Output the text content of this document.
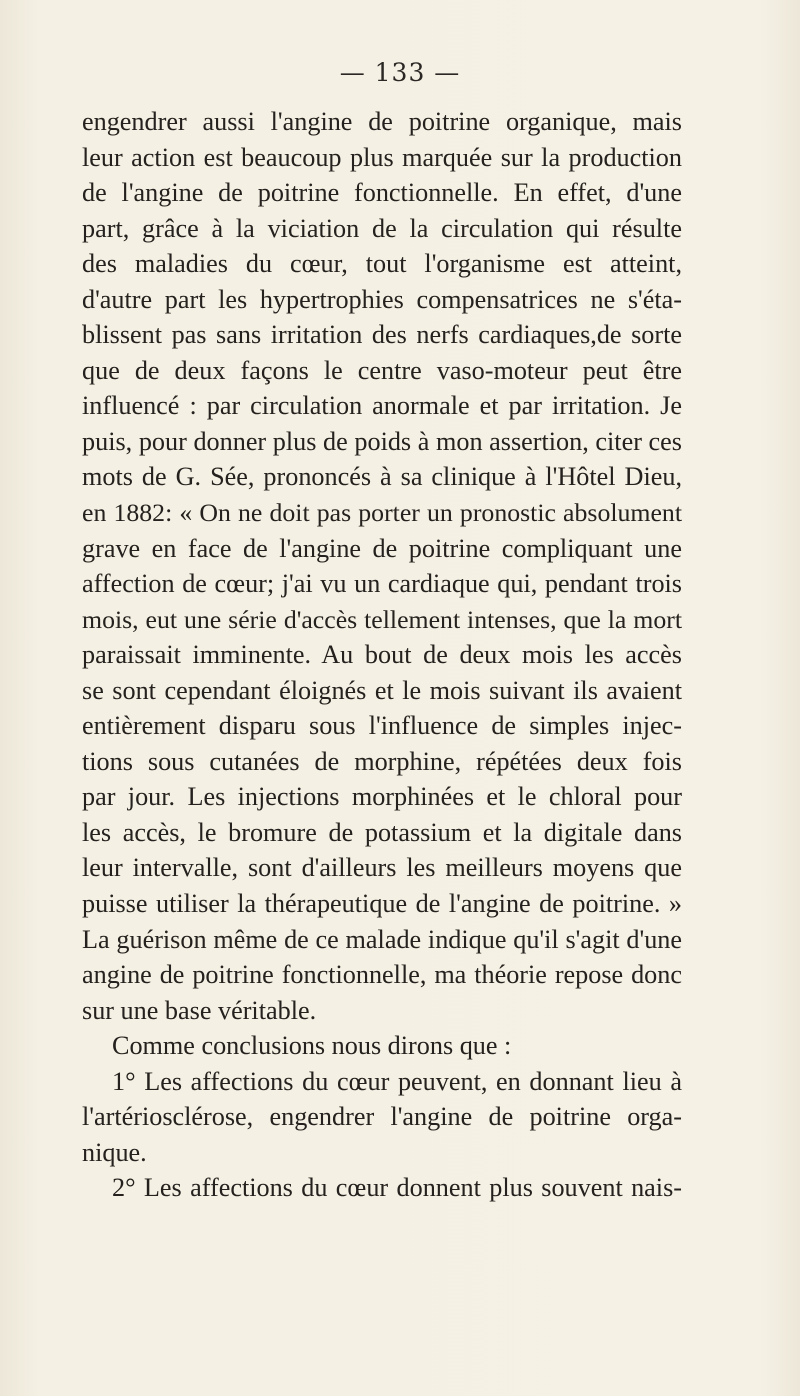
— 133 —
engendrer aussi l'angine de poitrine organique, mais
leur action est beaucoup plus marquée sur la production
de l'angine de poitrine fonctionnelle. En effet, d'une
part, grâce à la viciation de la circulation qui résulte
des maladies du cœur, tout l'organisme est atteint,
d'autre part les hypertrophies compensatrices ne s'éta-
blissent pas sans irritation des nerfs cardiaques,de sorte
que de deux façons le centre vaso-moteur peut être
influencé : par circulation anormale et par irritation. Je
puis, pour donner plus de poids à mon assertion, citer ces
mots de G. Sée, prononcés à sa clinique à l'Hôtel Dieu,
en 1882: « On ne doit pas porter un pronostic absolument
grave en face de l'angine de poitrine compliquant une
affection de cœur; j'ai vu un cardiaque qui, pendant trois
mois, eut une série d'accès tellement intenses, que la mort
paraissait imminente. Au bout de deux mois les accès
se sont cependant éloignés et le mois suivant ils avaient
entièrement disparu sous l'influence de simples injec-
tions sous cutanées de morphine, répétées deux fois
par jour. Les injections morphinées et le chloral pour
les accès, le bromure de potassium et la digitale dans
leur intervalle, sont d'ailleurs les meilleurs moyens que
puisse utiliser la thérapeutique de l'angine de poitrine. »
La guérison même de ce malade indique qu'il s'agit d'une
angine de poitrine fonctionnelle, ma théorie repose donc
sur une base véritable.
Comme conclusions nous dirons que :
1° Les affections du cœur peuvent, en donnant lieu à
l'artériosclérose, engendrer l'angine de poitrine orga-
nique.
2° Les affections du cœur donnent plus souvent nais-
